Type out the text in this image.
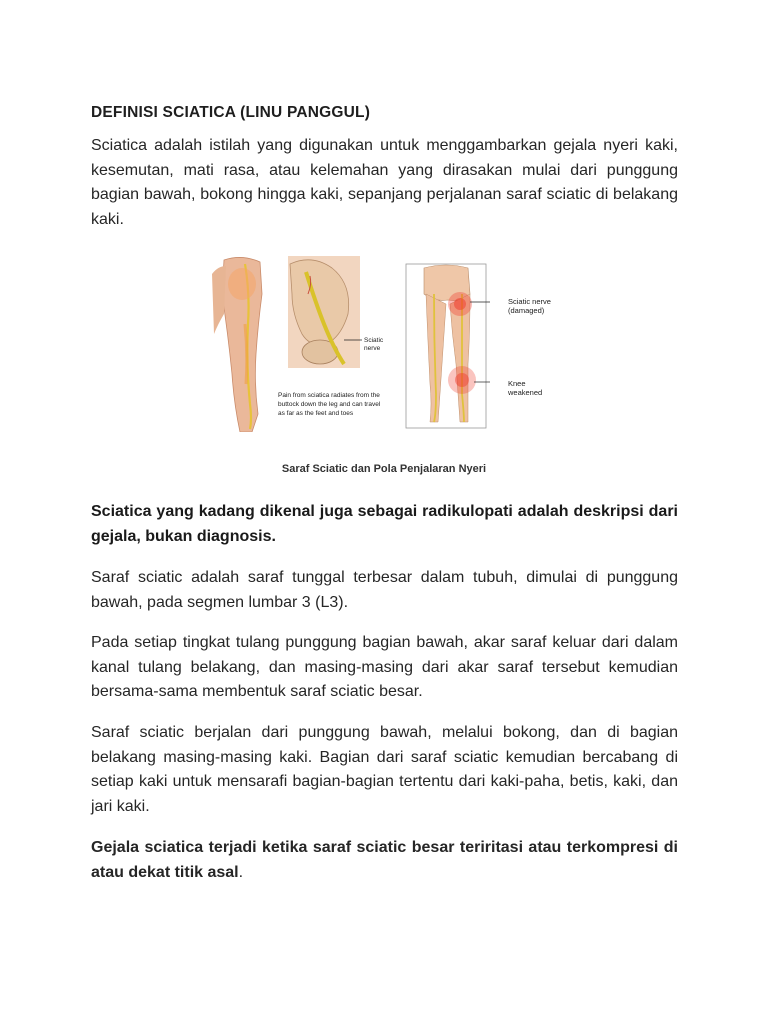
DEFINISI SCIATICA (LINU PANGGUL)

Sciatica adalah istilah yang digunakan untuk menggambarkan gejala nyeri kaki, kesemutan, mati rasa, atau kelemahan yang dirasakan mulai dari punggung bagian bawah, bokong hingga kaki, sepanjang perjalanan saraf sciatic di belakang kaki.

Sciatic
nerve
Pain from sciatica radiates from the
buttock down the leg and can travel
as far as the feet and toes
Sciatic nerve
(damaged)
Knee
weakened
Saraf Sciatic dan Pola Penjalaran Nyeri

Sciatica yang kadang dikenal juga sebagai radikulopati adalah deskripsi dari gejala, bukan diagnosis.

Saraf sciatic adalah saraf tunggal terbesar dalam tubuh, dimulai di punggung bawah, pada segmen lumbar 3 (L3).

Pada setiap tingkat tulang punggung bagian bawah, akar saraf keluar dari dalam kanal tulang belakang, dan masing-masing dari akar saraf tersebut kemudian bersama-sama membentuk saraf sciatic besar.

Saraf sciatic berjalan dari punggung bawah, melalui bokong, dan di bagian belakang masing-masing kaki. Bagian dari saraf sciatic kemudian bercabang di setiap kaki untuk mensarafi bagian-bagian tertentu dari kaki-paha, betis, kaki, dan jari kaki.

Gejala sciatica terjadi ketika saraf sciatic besar teriritasi atau terkompresi di atau dekat titik asal.
